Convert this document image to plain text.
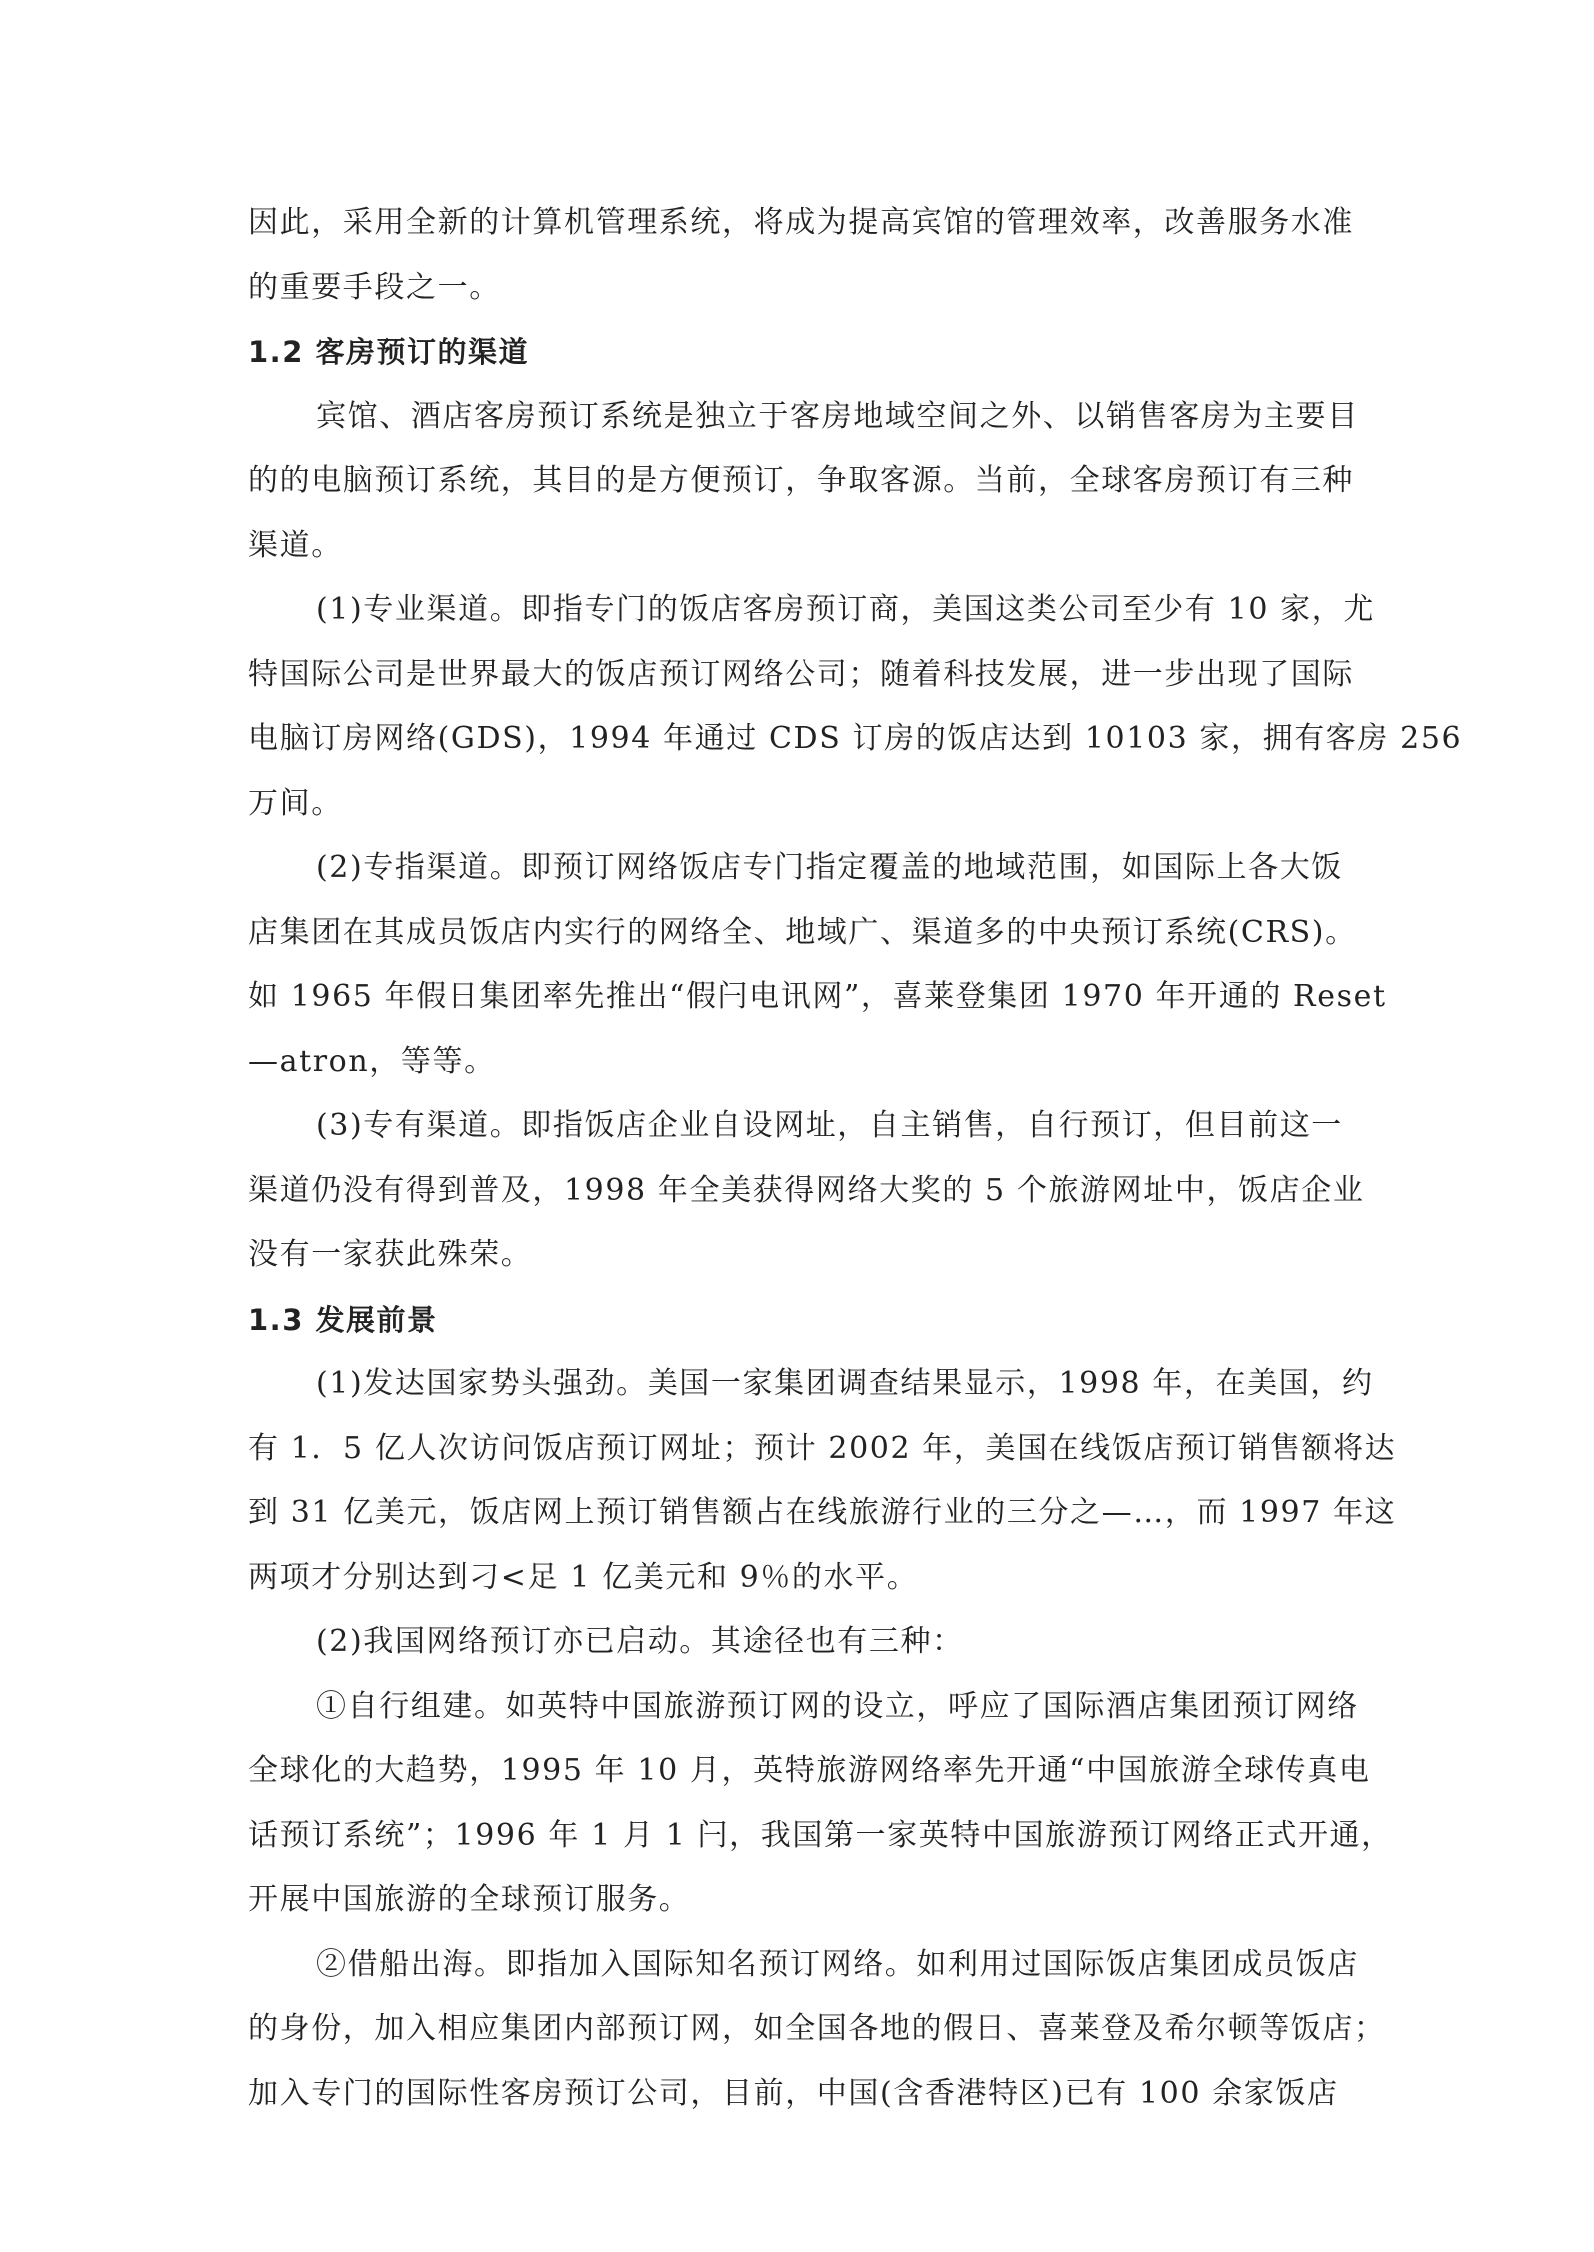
因此，采用全新的计算机管理系统，将成为提高宾馆的管理效率，改善服务水准
的重要手段之一。
1.2 客房预订的渠道
宾馆、酒店客房预订系统是独立于客房地域空间之外、以销售客房为主要目
的的电脑预订系统，其目的是方便预订，争取客源。当前，全球客房预订有三种
渠道。
(1)专业渠道。即指专门的饭店客房预订商，美国这类公司至少有 10 家，尤
特国际公司是世界最大的饭店预订网络公司；随着科技发展，进一步出现了国际
电脑订房网络(GDS)，1994 年通过 CDS 订房的饭店达到 10103 家，拥有客房 256
万间。
(2)专指渠道。即预订网络饭店专门指定覆盖的地域范围，如国际上各大饭
店集团在其成员饭店内实行的网络全、地域广、渠道多的中央预订系统(CRS)。
如 1965 年假日集团率先推出“假闩电讯网”，喜莱登集团 1970 年开通的 Reset
—atron，等等。
(3)专有渠道。即指饭店企业自设网址，自主销售，自行预订，但目前这一
渠道仍没有得到普及，1998 年全美获得网络大奖的 5 个旅游网址中，饭店企业
没有一家获此殊荣。
1.3 发展前景
(1)发达国家势头强劲。美国一家集团调查结果显示，1998 年，在美国，约
有 1．5 亿人次访问饭店预订网址；预计 2002 年，美国在线饭店预订销售额将达
到 31 亿美元，饭店网上预订销售额占在线旅游行业的三分之—…，而 1997 年这
两项才分别达到刁<足 1 亿美元和 9％的水平。
(2)我国网络预订亦已启动。其途径也有三种：
①自行组建。如英特中国旅游预订网的设立，呼应了国际酒店集团预订网络
全球化的大趋势，1995 年 10 月，英特旅游网络率先开通“中国旅游全球传真电
话预订系统”；1996 年 1 月 1 闩，我国第一家英特中国旅游预订网络正式开通，
开展中国旅游的全球预订服务。
②借船出海。即指加入国际知名预订网络。如利用过国际饭店集团成员饭店
的身份，加入相应集团内部预订网，如全国各地的假日、喜莱登及希尔顿等饭店；
加入专门的国际性客房预订公司，目前，中国(含香港特区)已有 100 余家饭店
